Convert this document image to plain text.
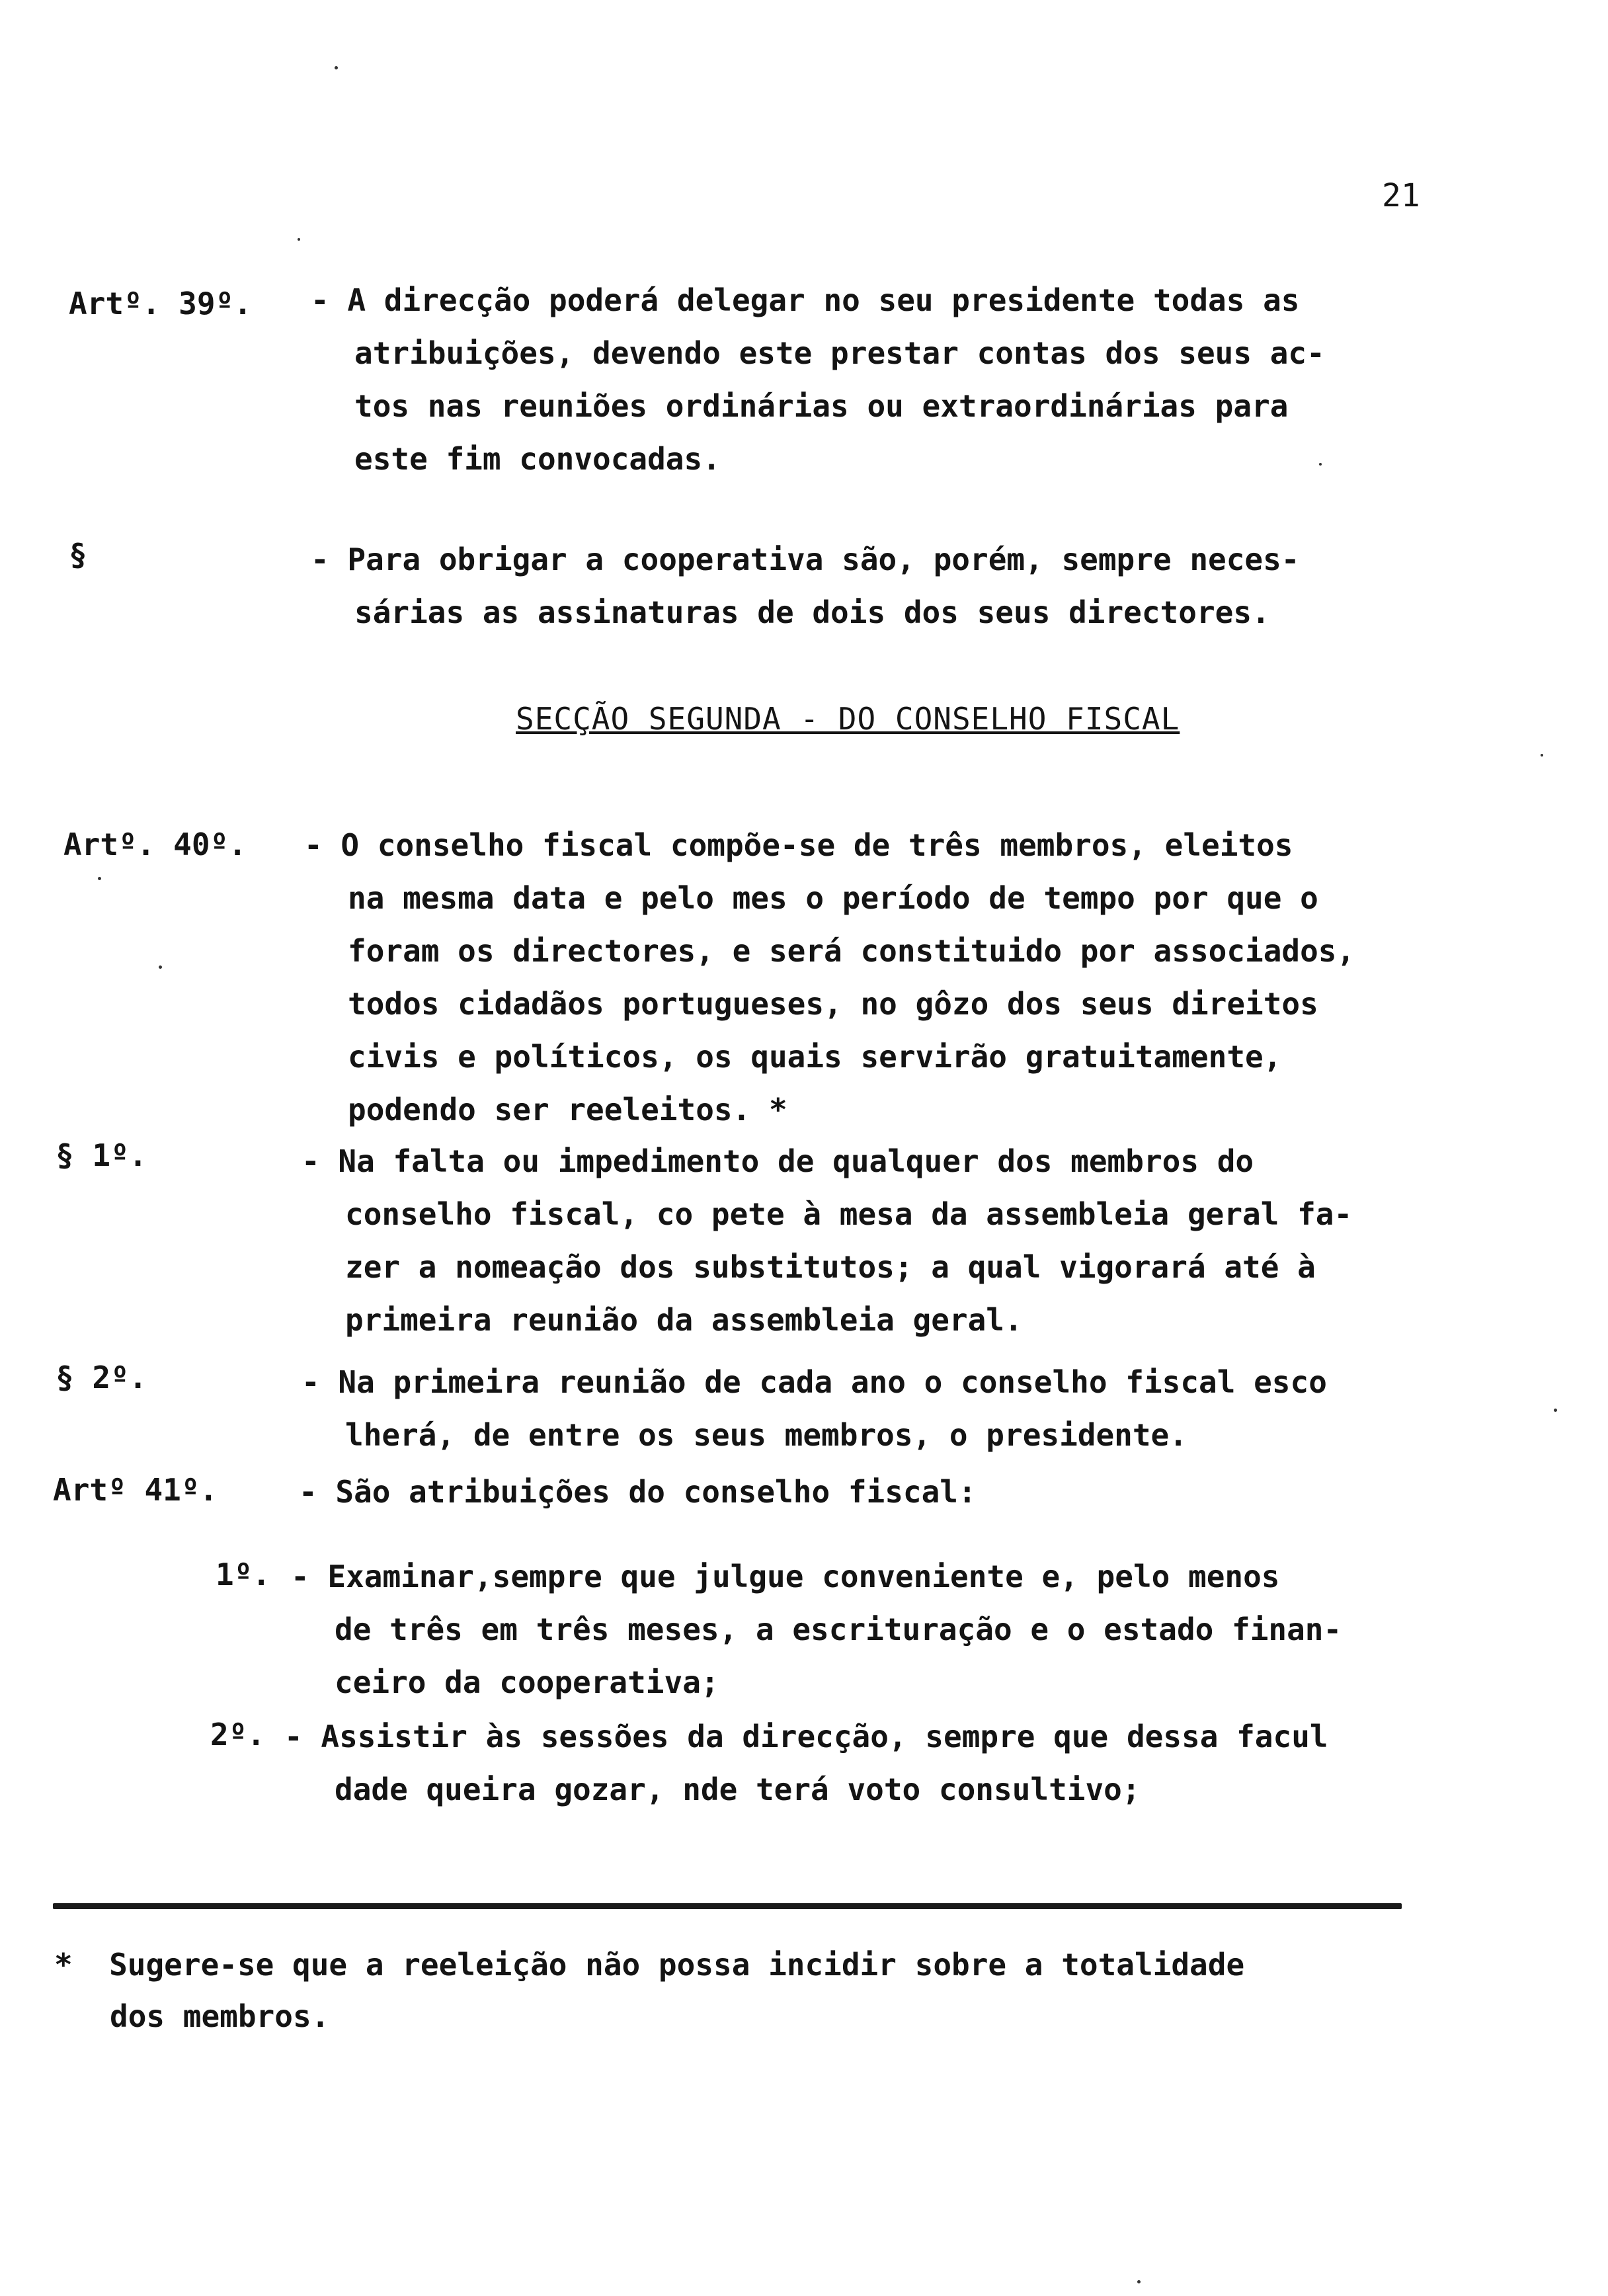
21
Artº. 39º. - A direcção poderá delegar no seu presidente todas as
atribuições, devendo este prestar contas dos seus ac-
tos nas reuniões ordinárias ou extraordinárias para
este fim convocadas.
§	- Para obrigar a cooperativa são, porém, sempre neces-
sárias as assinaturas de dois dos seus directores.
SECÇÃO SEGUNDA - DO CONSELHO FISCAL
Artº. 40º. - O conselho fiscal compõe-se de três membros, eleitos
na mesma data e pelo mes o período de tempo por que o
foram os directores, e será constituido por associados,
todos cidadãos portugueses, no gôzo dos seus direitos
civis e políticos, os quais servirão gratuitamente,
podendo ser reeleitos. *
§ 1º.	- Na falta ou impedimento de qualquer dos membros do
conselho fiscal, co pete à mesa da assembleia geral fa-
zer a nomeação dos substitutos; a qual vigorará até à
primeira reunião da assembleia geral.
§ 2º.	- Na primeira reunião de cada ano o conselho fiscal esco
lherá, de entre os seus membros, o presidente.
Artº 41º.	- São atribuições do conselho fiscal:
1º. - Examinar,sempre que julgue conveniente e, pelo menos
de três em três meses, a escrituração e o estado finan-
ceiro da cooperativa;
2º. - Assistir às sessões da direcção, sempre que dessa facul
dade queira gozar, nde terá voto consultivo;
* Sugere-se que a reeleição não possa incidir sobre a totalidade
dos membros.
